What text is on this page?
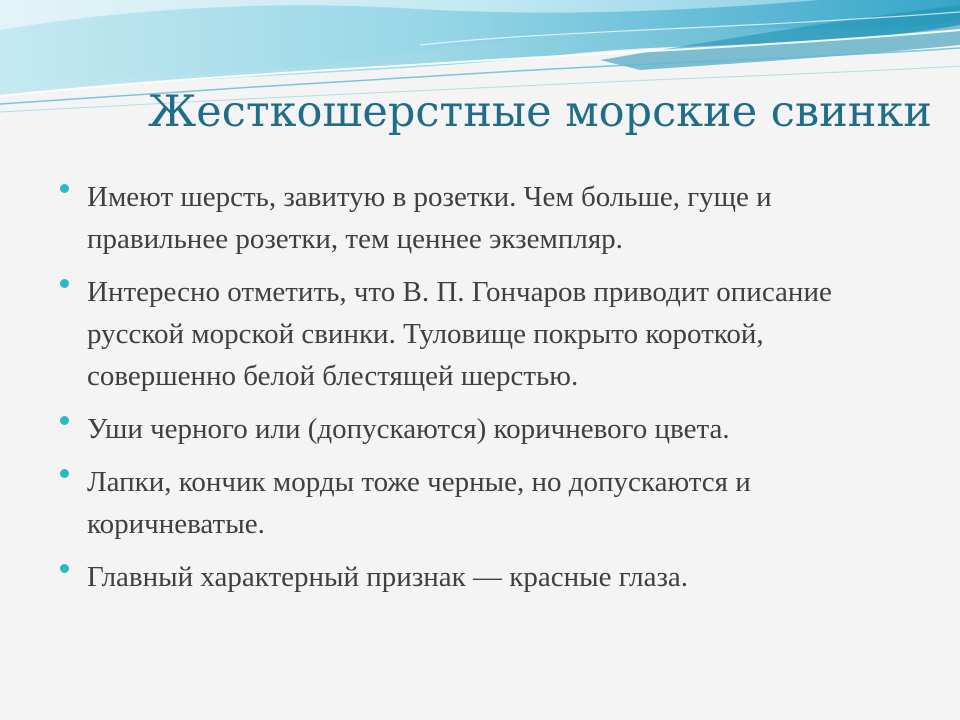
Жесткошерстные морские свинки
Имеют шерсть, завитую в розетки. Чем больше, гуще и правильнее розетки, тем ценнее экземпляр.
Интересно отметить, что В. П. Гончаров приводит описание русской морской свинки. Туловище покрыто короткой, совершенно белой блестящей шерстью.
Уши черного или (допускаются) коричневого цвета.
Лапки, кончик морды тоже черные, но допускаются и коричневатые.
Главный характерный признак — красные глаза.
